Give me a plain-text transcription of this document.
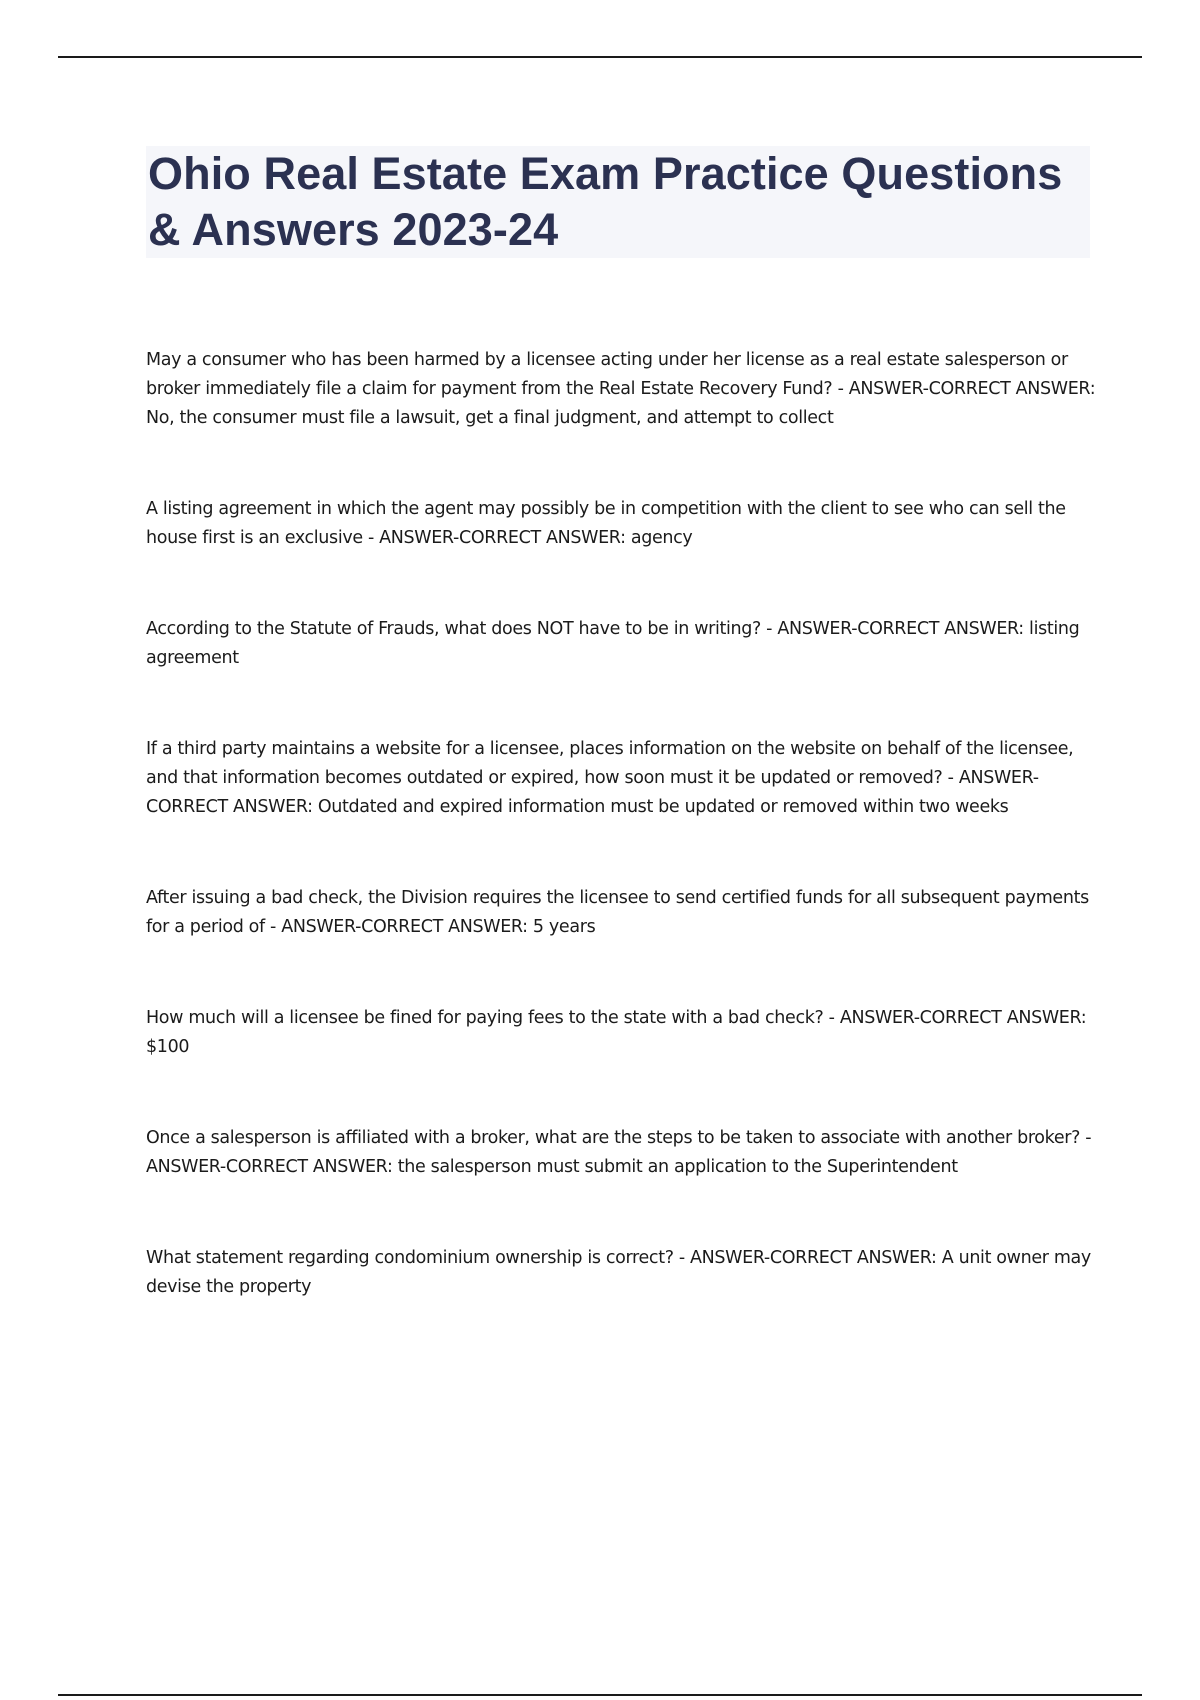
Ohio Real Estate Exam Practice Questions & Answers 2023-24

May a consumer who has been harmed by a licensee acting under her license as a real estate salesperson or broker immediately file a claim for payment from the Real Estate Recovery Fund? - ANSWER-CORRECT ANSWER: No, the consumer must file a lawsuit, get a final judgment, and attempt to collect

A listing agreement in which the agent may possibly be in competition with the client to see who can sell the house first is an exclusive - ANSWER-CORRECT ANSWER: agency

According to the Statute of Frauds, what does NOT have to be in writing? - ANSWER-CORRECT ANSWER: listing agreement

If a third party maintains a website for a licensee, places information on the website on behalf of the licensee, and that information becomes outdated or expired, how soon must it be updated or removed? - ANSWER-CORRECT ANSWER: Outdated and expired information must be updated or removed within two weeks

After issuing a bad check, the Division requires the licensee to send certified funds for all subsequent payments for a period of - ANSWER-CORRECT ANSWER: 5 years

How much will a licensee be fined for paying fees to the state with a bad check? - ANSWER-CORRECT ANSWER: $100

Once a salesperson is affiliated with a broker, what are the steps to be taken to associate with another broker? - ANSWER-CORRECT ANSWER: the salesperson must submit an application to the Superintendent

What statement regarding condominium ownership is correct? - ANSWER-CORRECT ANSWER: A unit owner may devise the property
